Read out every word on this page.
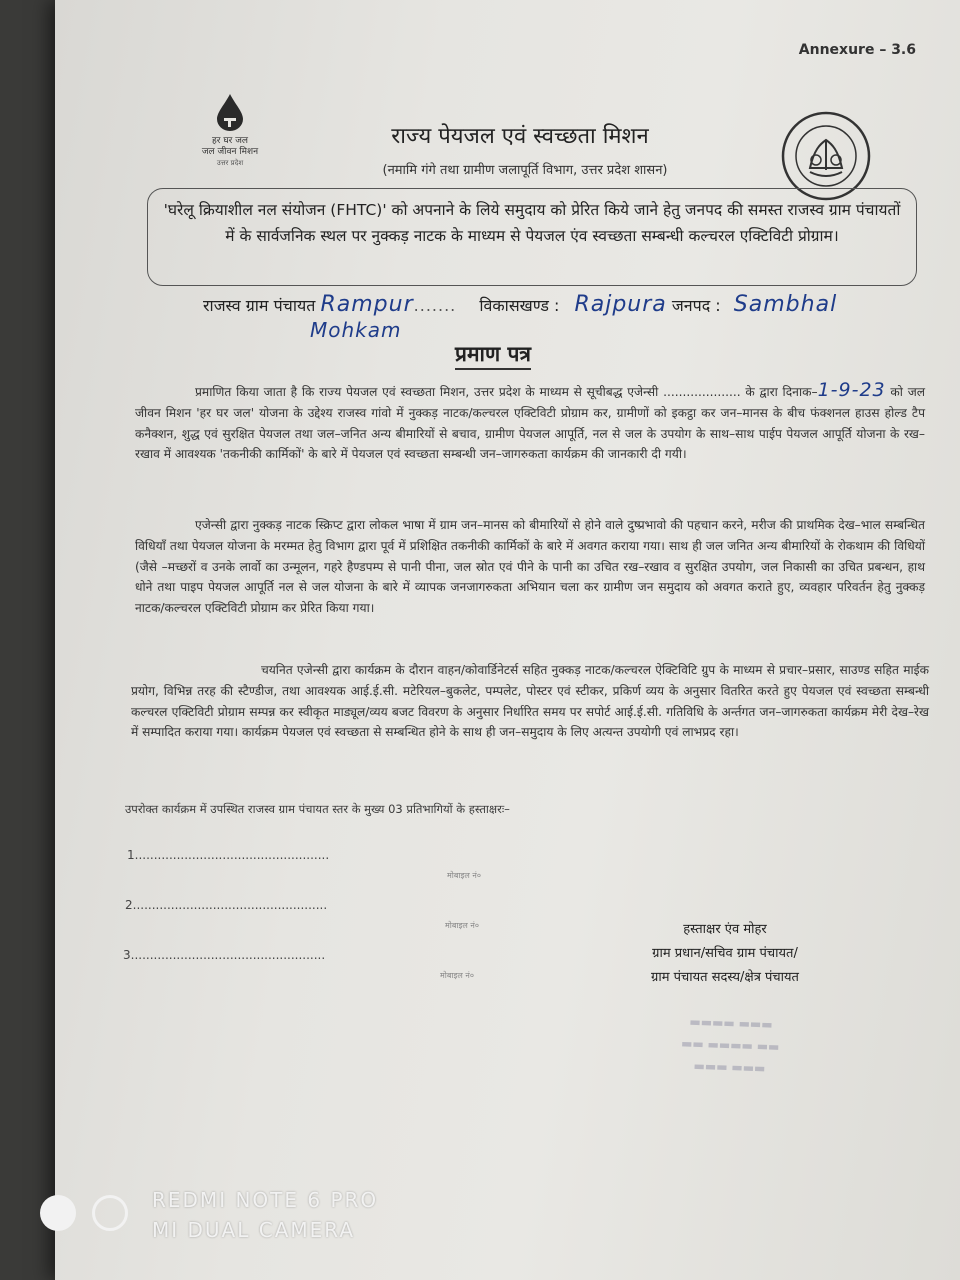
Annexure – 3.6
हर घर जल
जल जीवन मिशन
उत्तर प्रदेश
राज्य पेयजल एवं स्वच्छता मिशन
(नमामि गंगे तथा ग्रामीण जलापूर्ति विभाग, उत्तर प्रदेश शासन)
'घरेलू क्रियाशील नल संयोजन (FHTC)' को अपनाने के लिये समुदाय को प्रेरित किये जाने हेतु जनपद की समस्त राजस्व ग्राम पंचायतों में के सार्वजनिक स्थल पर नुक्कड़ नाटक के माध्यम से पेयजल एंव स्वच्छता सम्बन्धी कल्चरल एक्टिविटी प्रोग्राम।
राजस्व ग्राम पंचायत Rampur....... विकासखण्ड : Rajpura जनपद : Sambhal
Mohkam
प्रमाण पत्र
प्रमाणित किया जाता है कि राज्य पेयजल एवं स्वच्छता मिशन, उत्तर प्रदेश के माध्यम से सूचीबद्ध एजेन्सी .................... के द्वारा दिनाक–1-9-23 को जल जीवन मिशन 'हर घर जल' योजना के उद्देश्य राजस्व गांवो में नुक्कड़ नाटक/कल्चरल एक्टिविटी प्रोग्राम कर, ग्रामीणों को इकट्ठा कर जन–मानस के बीच फंक्शनल हाउस होल्ड टैप कनैक्शन, शुद्ध एवं सुरक्षित पेयजल तथा जल–जनित अन्य बीमारियों से बचाव, ग्रामीण पेयजल आपूर्ति, नल से जल के उपयोग के साथ–साथ पाईप पेयजल आपूर्ति योजना के रख–रखाव में आवश्यक 'तकनीकी कार्मिकों' के बारे में पेयजल एवं स्वच्छता सम्बन्धी जन–जागरुकता कार्यक्रम की जानकारी दी गयी।
एजेन्सी द्वारा नुक्कड़ नाटक स्क्रिप्ट द्वारा लोकल भाषा में ग्राम जन–मानस को बीमारियों से होने वाले दुष्प्रभावो की पहचान करने, मरीज की प्राथमिक देख–भाल सम्बन्धित विधियाँ तथा पेयजल योजना के मरम्मत हेतु विभाग द्वारा पूर्व में प्रशिक्षित तकनीकी कार्मिकों के बारे में अवगत कराया गया। साथ ही जल जनित अन्य बीमारियों के रोकथाम की विधियों (जैसे –मच्छरों व उनके लार्वो का उन्मूलन, गहरे हैण्डपम्प से पानी पीना, जल स्रोत एवं पीने के पानी का उचित रख–रखाव व सुरक्षित उपयोग, जल निकासी का उचित प्रबन्धन, हाथ धोने तथा पाइप पेयजल आपूर्ति नल से जल योजना के बारे में व्यापक जनजागरुकता अभियान चला कर ग्रामीण जन समुदाय को अवगत कराते हुए, व्यवहार परिवर्तन हेतु नुक्कड़ नाटक/कल्चरल एक्टिविटी प्रोग्राम कर प्रेरित किया गया।
चयनित एजेन्सी द्वारा कार्यक्रम के दौरान वाहन/कोवार्डिनेटर्स सहित नुक्कड़ नाटक/कल्चरल ऐक्टिविटि ग्रुप के माध्यम से प्रचार–प्रसार, साउण्ड सहित माईक प्रयोग, विभिन्न तरह की स्टैण्डीज, तथा आवश्यक आई.ई.सी. मटेरियल–बुकलेट, पम्पलेट, पोस्टर एवं स्टीकर, प्रकिर्ण व्यय के अनुसार वितरित करते हुए पेयजल एवं स्वच्छता सम्बन्धी कल्चरल एक्टिविटी प्रोग्राम सम्पन्न कर स्वीकृत माड्यूल/व्यय बजट विवरण के अनुसार निर्धारित समय पर सपोर्ट आई.ई.सी. गतिविधि के अर्न्तगत जन–जागरुकता कार्यक्रम मेरी देख–रेख में सम्पादित कराया गया। कार्यक्रम पेयजल एवं स्वच्छता से सम्बन्धित होने के साथ ही जन–समुदाय के लिए अत्यन्त उपयोगी एवं लाभप्रद रहा।
उपरोक्त कार्यक्रम में उपस्थित राजस्व ग्राम पंचायत स्तर के मुख्य 03 प्रतिभागियों के हस्ताक्षरः–
1...................................................
मोबाइल नं०
2...................................................
मोबाइल नं०
3...................................................
मोबाइल नं०
हस्ताक्षर एंव मोहर
ग्राम प्रधान/सचिव ग्राम पंचायत/
ग्राम पंचायत सदस्य/क्षेत्र पंचायत
▬▬▬▬ ▬▬▬
▬▬ ▬▬▬▬ ▬▬
▬▬▬ ▬▬▬
REDMI NOTE 6 PRO
MI DUAL CAMERA
